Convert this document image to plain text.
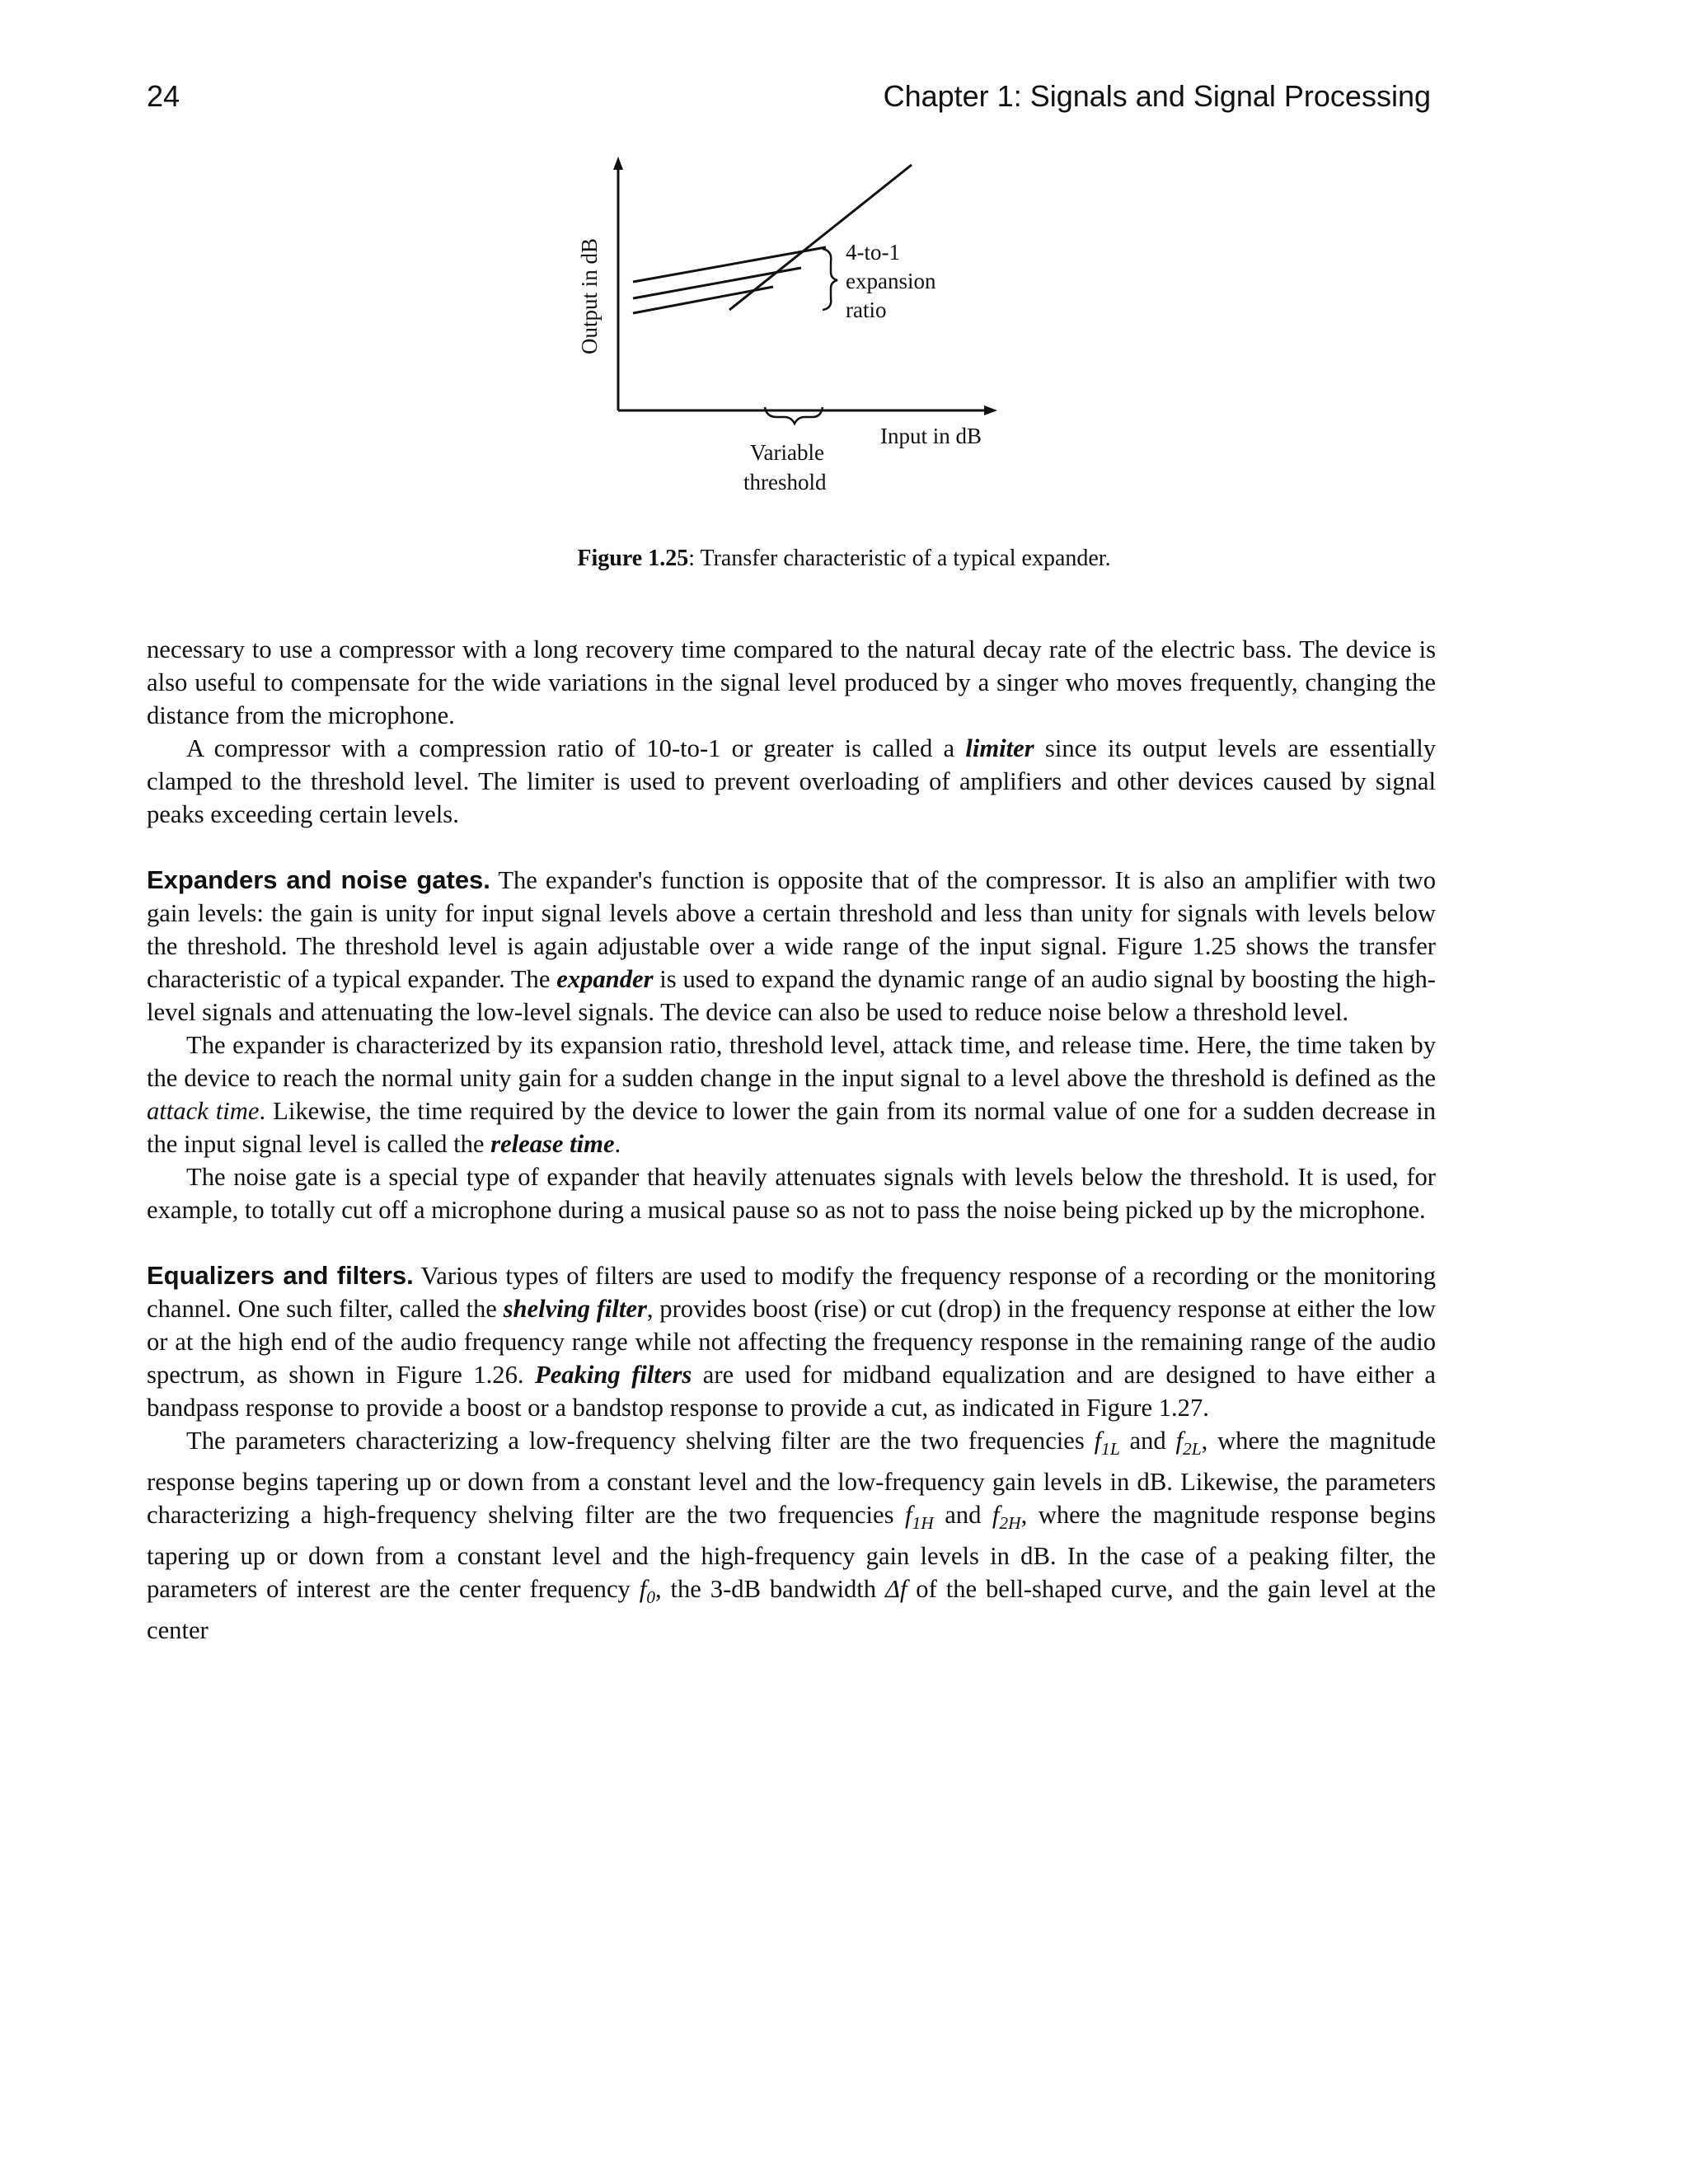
24	Chapter 1: Signals and Signal Processing
4-to-1
expansion
ratio
Output in dB
Input in dB
Variable
threshold
Figure 1.25: Transfer characteristic of a typical expander.

necessary to use a compressor with a long recovery time compared to the natural decay rate of the electric bass. The device is also useful to compensate for the wide variations in the signal level produced by a singer who moves frequently, changing the distance from the microphone.

A compressor with a compression ratio of 10-to-1 or greater is called a limiter since its output levels are essentially clamped to the threshold level. The limiter is used to prevent overloading of amplifiers and other devices caused by signal peaks exceeding certain levels.

Expanders and noise gates. The expander's function is opposite that of the compressor. It is also an amplifier with two gain levels: the gain is unity for input signal levels above a certain threshold and less than unity for signals with levels below the threshold. The threshold level is again adjustable over a wide range of the input signal. Figure 1.25 shows the transfer characteristic of a typical expander. The expander is used to expand the dynamic range of an audio signal by boosting the high-level signals and attenuating the low-level signals. The device can also be used to reduce noise below a threshold level.

The expander is characterized by its expansion ratio, threshold level, attack time, and release time. Here, the time taken by the device to reach the normal unity gain for a sudden change in the input signal to a level above the threshold is defined as the attack time. Likewise, the time required by the device to lower the gain from its normal value of one for a sudden decrease in the input signal level is called the release time.

The noise gate is a special type of expander that heavily attenuates signals with levels below the threshold. It is used, for example, to totally cut off a microphone during a musical pause so as not to pass the noise being picked up by the microphone.

Equalizers and filters. Various types of filters are used to modify the frequency response of a recording or the monitoring channel. One such filter, called the shelving filter, provides boost (rise) or cut (drop) in the frequency response at either the low or at the high end of the audio frequency range while not affecting the frequency response in the remaining range of the audio spectrum, as shown in Figure 1.26. Peaking filters are used for midband equalization and are designed to have either a bandpass response to provide a boost or a bandstop response to provide a cut, as indicated in Figure 1.27.

The parameters characterizing a low-frequency shelving filter are the two frequencies $f_{1L}$ and $f_{2L}$, where the magnitude response begins tapering up or down from a constant level and the low-frequency gain levels in dB. Likewise, the parameters characterizing a high-frequency shelving filter are the two frequencies $f_{1H}$ and $f_{2H}$, where the magnitude response begins tapering up or down from a constant level and the high-frequency gain levels in dB. In the case of a peaking filter, the parameters of interest are the center frequency $f_0$, the 3-dB bandwidth Δf of the bell-shaped curve, and the gain level at the center
